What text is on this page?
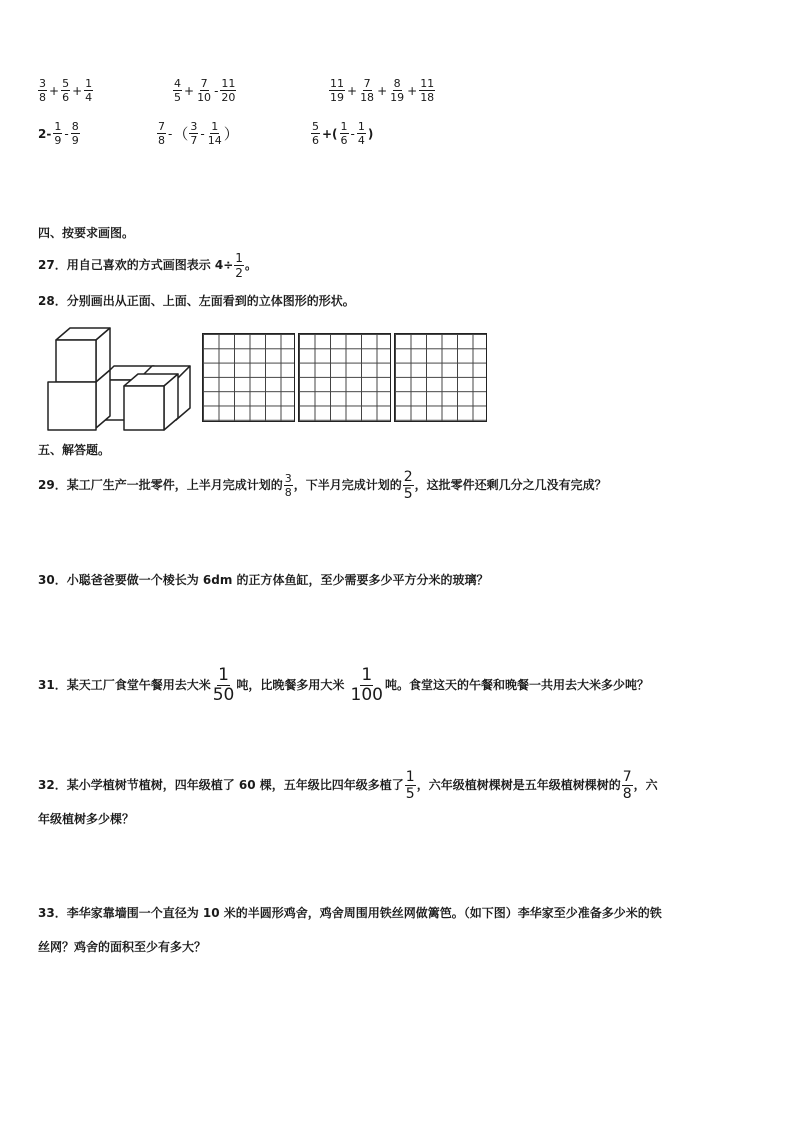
$\frac{3}{8} + \frac{5}{6} + \frac{1}{4}$	$\frac{4}{5} + \frac{7}{10} - \frac{11}{20}$	$\frac{11}{19} + \frac{7}{18} + \frac{8}{19} + \frac{11}{18}$
$2- \frac{1}{9} - \frac{8}{9}$	$\frac{7}{8}$ -（ $\frac{3}{7} - \frac{1}{14}$ ）	$\frac{5}{6}$ +( $\frac{1}{6} - \frac{1}{4}$ )
四、按要求画图。
27．用自己喜欢的方式画图表示 $4\div \frac{1}{2}$ 。
28．分别画出从正面、上面、左面看到的立体图形的形状。
五、解答题。
29．某工厂生产一批零件，上半月完成计划的 $\frac{3}{8}$ ，下半月完成计划的 $\frac{2}{5}$ ，这批零件还剩几分之几没有完成？
30．小聪爸爸要做一个棱长为 6dm 的正方体鱼缸，至少需要多少平方分米的玻璃？
31．某天工厂食堂午餐用去大米 $\frac{1}{50}$ 吨，比晚餐多用大米 $\frac{1}{100}$ 吨。食堂这天的午餐和晚餐一共用去大米多少吨？
32．某小学植树节植树，四年级植了 60 棵，五年级比四年级多植了 $\frac{1}{5}$ ，六年级植树棵树是五年级植树棵树的 $\frac{7}{8}$ ，六
年级植树多少棵？
33．李华家靠墙围一个直径为 10 米的半圆形鸡舍，鸡舍周围用铁丝网做篱笆。（如下图）李华家至少准备多少米的铁
丝网？鸡舍的面积至少有多大？
